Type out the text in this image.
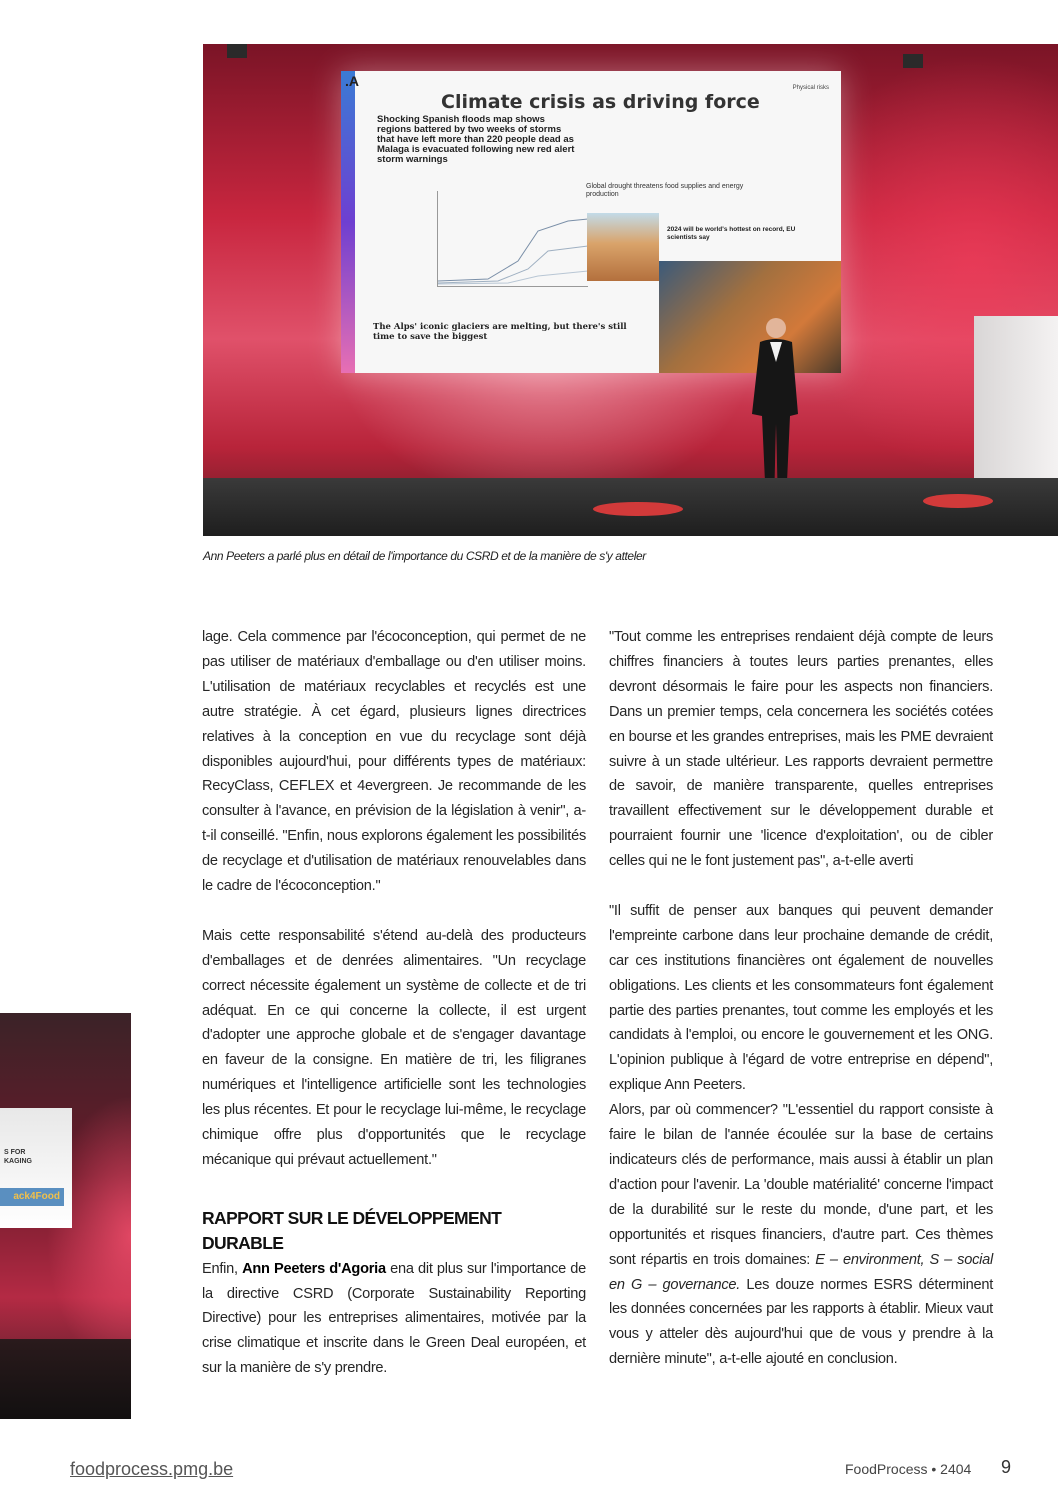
.A	Physical risks
Climate crisis as driving force
Shocking Spanish floods map shows regions battered by two weeks of storms that have left more than 220 people dead as Malaga is evacuated following new red alert storm warnings
Global drought threatens food supplies and energy production
2024 will be world's hottest on record, EU scientists say
The Alps' iconic glaciers are melting, but there's still time to save the biggest
Ann Peeters a parlé plus en détail de l'importance du CSRD et de la manière de s'y atteler
S FOR
KAGING
ack4Food

lage. Cela commence par l'écoconception, qui permet de ne pas utiliser de matériaux d'emballage ou d'en utiliser moins. L'utilisation de matériaux recyclables et recyclés est une autre stratégie. À cet égard, plusieurs lignes directrices relatives à la conception en vue du recyclage sont déjà disponibles aujourd'hui, pour différents types de matériaux: RecyClass, CEFLEX et 4evergreen. Je recommande de les consulter à l'avance, en prévision de la législation à venir", a-t-il conseillé. "Enfin, nous explorons également les possibilités de recyclage et d'utilisation de matériaux renouvelables dans le cadre de l'écoconception."

Mais cette responsabilité s'étend au-delà des producteurs d'emballages et de denrées alimentaires. "Un recyclage correct nécessite également un système de collecte et de tri adéquat. En ce qui concerne la collecte, il est urgent d'adopter une approche globale et de s'engager davantage en faveur de la consigne. En matière de tri, les filigranes numériques et l'intelligence artificielle sont les technologies les plus récentes. Et pour le recyclage lui-même, le recyclage chimique offre plus d'opportunités que le recyclage mécanique qui prévaut actuellement."

RAPPORT SUR LE DÉVELOPPEMENT DURABLE

Enfin, Ann Peeters d'Agoria ena dit plus sur l'importance de la directive CSRD (Corporate Sustainability Reporting Directive) pour les entreprises alimentaires, motivée par la crise climatique et inscrite dans le Green Deal européen, et sur la manière de s'y prendre.

"Tout comme les entreprises rendaient déjà compte de leurs chiffres financiers à toutes leurs parties prenantes, elles devront désormais le faire pour les aspects non financiers. Dans un premier temps, cela concernera les sociétés cotées en bourse et les grandes entreprises, mais les PME devraient suivre à un stade ultérieur. Les rapports devraient permettre de savoir, de manière transparente, quelles entreprises travaillent effectivement sur le développement durable et pourraient fournir une 'licence d'exploitation', ou de cibler celles qui ne le font justement pas", a-t-elle averti

"Il suffit de penser aux banques qui peuvent demander l'empreinte carbone dans leur prochaine demande de crédit, car ces institutions financières ont également de nouvelles obligations. Les clients et les consommateurs font également partie des parties prenantes, tout comme les employés et les candidats à l'emploi, ou encore le gouvernement et les ONG. L'opinion publique à l'égard de votre entreprise en dépend", explique Ann Peeters.

Alors, par où commencer? "L'essentiel du rapport consiste à faire le bilan de l'année écoulée sur la base de certains indicateurs clés de performance, mais aussi à établir un plan d'action pour l'avenir. La 'double matérialité' concerne l'impact de la durabilité sur le reste du monde, d'une part, et les opportunités et risques financiers, d'autre part. Ces thèmes sont répartis en trois domaines: E – environment, S – social en G – governance. Les douze normes ESRS déterminent les données concernées par les rapports à établir. Mieux vaut vous y atteler dès aujourd'hui que de vous y prendre à la dernière minute", a-t-elle ajouté en conclusion.

foodprocess.pmg.be	FoodProcess • 2404 9
